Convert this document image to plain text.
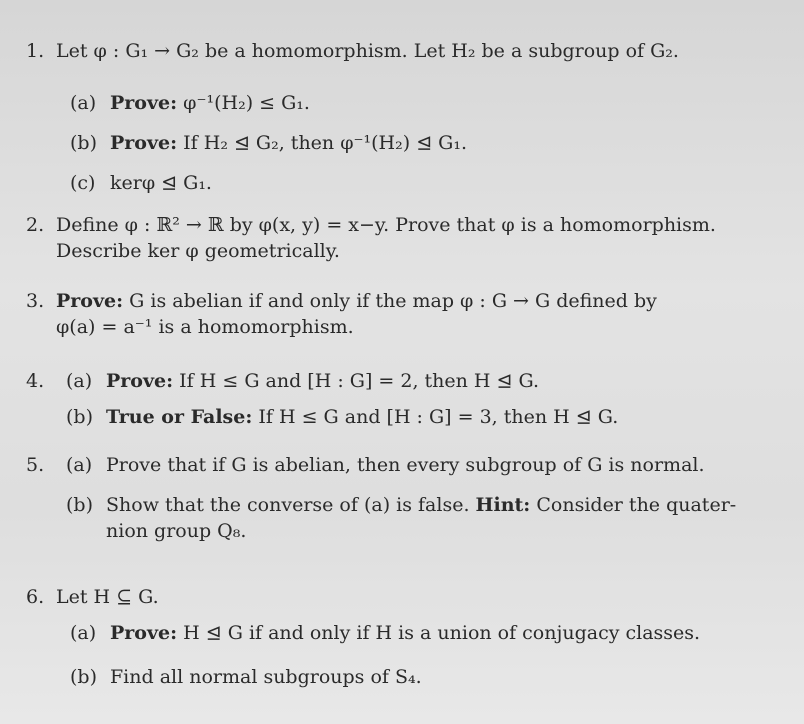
1. Let φ : G₁ → G₂ be a homomorphism. Let H₂ be a subgroup of G₂.
(a) Prove: φ⁻¹(H₂) ≤ G₁.
(b) Prove: If H₂ ⊴ G₂, then φ⁻¹(H₂) ⊴ G₁.
(c) kerφ ⊴ G₁.
2. Define φ : ℝ² → ℝ by φ(x, y) = x−y. Prove that φ is a homomorphism.
Describe ker φ geometrically.
3. Prove: G is abelian if and only if the map φ : G → G defined by
φ(a) = a⁻¹ is a homomorphism.
4.	(a) Prove: If H ≤ G and [H : G] = 2, then H ⊴ G.
(b) True or False: If H ≤ G and [H : G] = 3, then H ⊴ G.
5.	(a) Prove that if G is abelian, then every subgroup of G is normal.
(b) Show that the converse of (a) is false. Hint: Consider the quater-
nion group Q₈.
6. Let H ⊆ G.
(a) Prove: H ⊴ G if and only if H is a union of conjugacy classes.
(b) Find all normal subgroups of S₄.
